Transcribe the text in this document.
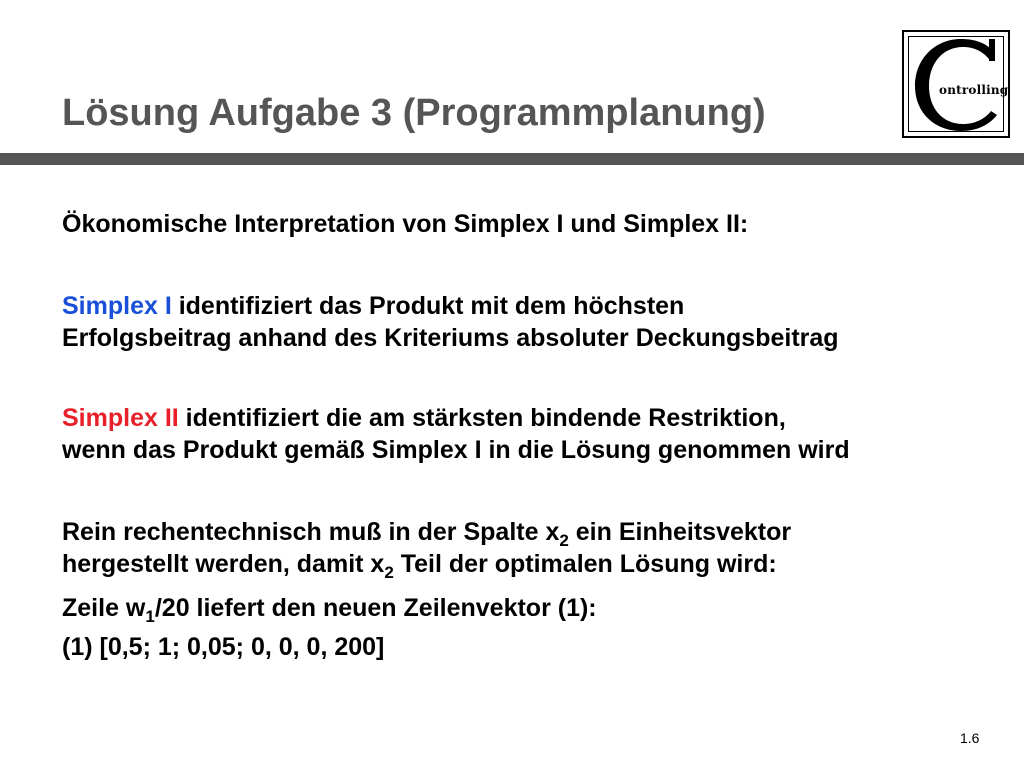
Lösung Aufgabe 3 (Programmplanung)
ontrolling
Ökonomische Interpretation von Simplex I und Simplex II:
Simplex I identifiziert das Produkt mit dem höchsten
Erfolgsbeitrag anhand des Kriteriums absoluter Deckungsbeitrag
Simplex II identifiziert die am stärksten bindende Restriktion,
wenn das Produkt gemäß Simplex I in die Lösung genommen wird
Rein rechentechnisch muß in der Spalte $x_2$ ein Einheitsvektor
hergestellt werden, damit $x_2$ Teil der optimalen Lösung wird:
Zeile $w_1/20$ liefert den neuen Zeilenvektor (1):
(1) [0,5; 1; 0,05; 0, 0, 0, 200]
1.6
